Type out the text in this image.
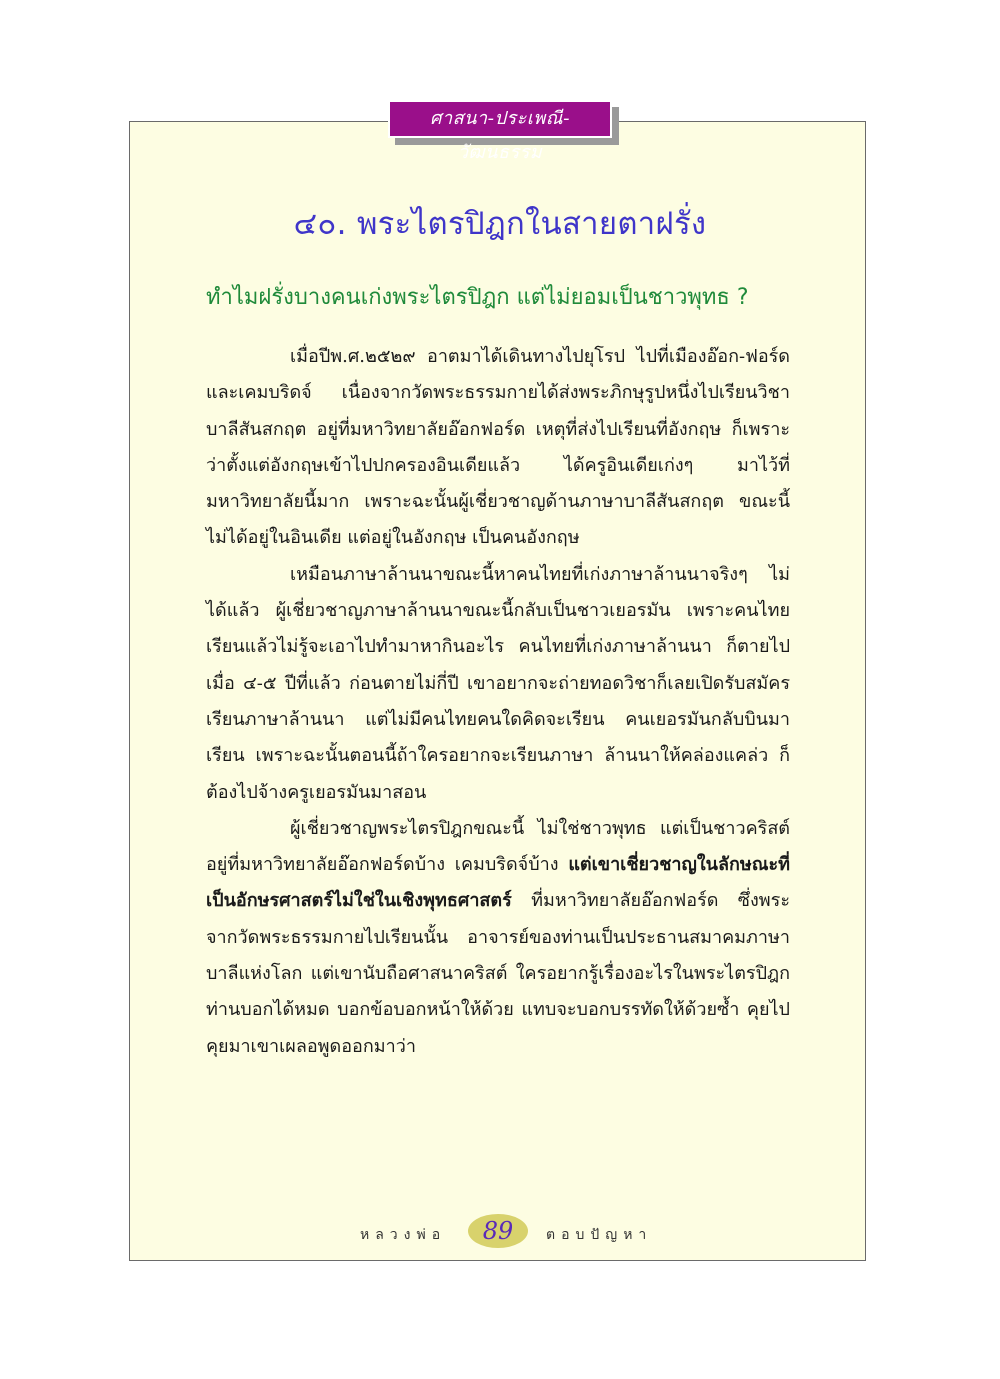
ศาสนา-ประเพณี-วัฒนธรรม
๔๐. พระไตรปิฎกในสายตาฝรั่ง
ทำไมฝรั่งบางคนเก่งพระไตรปิฎก แต่ไม่ยอมเป็นชาวพุทธ ?

เมื่อปีพ.ศ.๒๕๒๙ อาตมาได้เดินทางไปยุโรป ไปที่เมืองอ๊อก-ฟอร์ดและเคมบริดจ์ เนื่องจากวัดพระธรรมกายได้ส่งพระภิกษุรูปหนึ่งไปเรียนวิชาบาลีสันสกฤต อยู่ที่มหาวิทยาลัยอ๊อกฟอร์ด เหตุที่ส่งไปเรียนที่อังกฤษ ก็เพราะว่าตั้งแต่อังกฤษเข้าไปปกครองอินเดียแล้ว ได้ครูอินเดียเก่งๆ มาไว้ที่มหาวิทยาลัยนี้มาก เพราะฉะนั้นผู้เชี่ยวชาญด้านภาษาบาลีสันสกฤต ขณะนี้ไม่ได้อยู่ในอินเดีย แต่อยู่ในอังกฤษ เป็นคนอังกฤษ

เหมือนภาษาล้านนาขณะนี้หาคนไทยที่เก่งภาษาล้านนาจริงๆ ไม่ได้แล้ว ผู้เชี่ยวชาญภาษาล้านนาขณะนี้กลับเป็นชาวเยอรมัน เพราะคนไทยเรียนแล้วไม่รู้จะเอาไปทำมาหากินอะไร คนไทยที่เก่งภาษาล้านนา ก็ตายไปเมื่อ ๔-๕ ปีที่แล้ว ก่อนตายไม่กี่ปี เขาอยากจะถ่ายทอดวิชาก็เลยเปิดรับสมัครเรียนภาษาล้านนา แต่ไม่มีคนไทยคนใดคิดจะเรียน คนเยอรมันกลับบินมาเรียน เพราะฉะนั้นตอนนี้ถ้าใครอยากจะเรียนภาษา ล้านนาให้คล่องแคล่ว ก็ต้องไปจ้างครูเยอรมันมาสอน

ผู้เชี่ยวชาญพระไตรปิฎกขณะนี้ ไม่ใช่ชาวพุทธ แต่เป็นชาวคริสต์อยู่ที่มหาวิทยาลัยอ๊อกฟอร์ดบ้าง เคมบริดจ์บ้าง แต่เขาเชี่ยวชาญในลักษณะที่เป็นอักษรศาสตร์ไม่ใช่ในเชิงพุทธศาสตร์ ที่มหาวิทยาลัยอ๊อกฟอร์ด ซึ่งพระจากวัดพระธรรมกายไปเรียนนั้น อาจารย์ของท่านเป็นประธานสมาคมภาษาบาลีแห่งโลก แต่เขานับถือศาสนาคริสต์ ใครอยากรู้เรื่องอะไรในพระไตรปิฎกท่านบอกได้หมด บอกข้อบอกหน้าให้ด้วย แทบจะบอกบรรทัดให้ด้วยซ้ำ คุยไปคุยมาเขาเผลอพูดออกมาว่า

หลวงพ่อ	89	ตอบปัญหา
